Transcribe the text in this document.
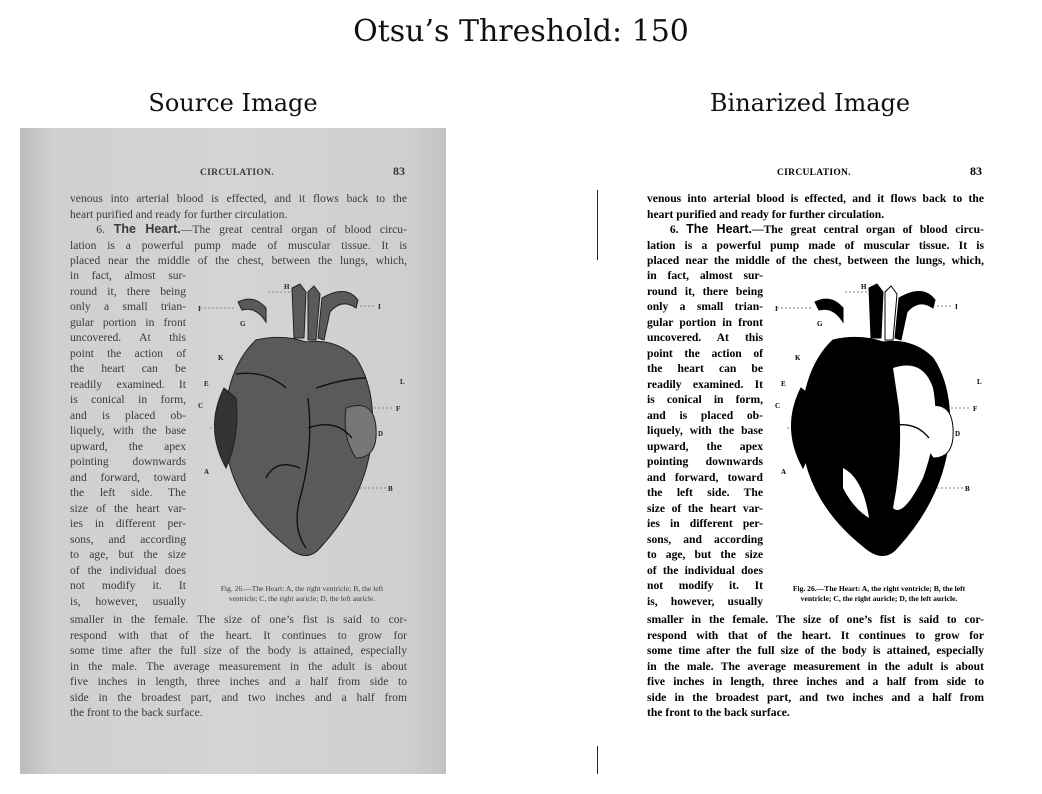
Otsu’s Threshold: 150
Source Image	Binarized Image
CIRCULATION.	83
venous into arterial blood is effected, and it flows back to the
heart purified and ready for further circulation.
6. The Heart.—The great central organ of blood circu-
lation is a powerful pump made of muscular tissue. It is
placed near the middle of the chest, between the lungs, which,
in fact, almost sur-
round it, there being
only a small trian-
gular portion in front
uncovered. At this
point the action of
the heart can be
readily examined. It
is conical in form,
and is placed ob-
liquely, with the base
upward, the apex
pointing downwards
and forward, toward
the left side. The
size of the heart var-
ies in different per-
sons, and according
to age, but the size
of the individual does
not modify it. It
is, however, usually
H
I	I
G
K
E
C
L
F
D
A
B
Fig. 26.—The Heart: A, the right ventricle; B, the left
ventricle; C, the right auricle; D, the left auricle.
smaller in the female. The size of one’s fist is said to cor-
respond with that of the heart. It continues to grow for
some time after the full size of the body is attained, especially
in the male. The average measurement in the adult is about
five inches in length, three inches and a half from side to
side in the broadest part, and two inches and a half from
the front to the back surface.
CIRCULATION.	83
venous into arterial blood is effected, and it flows back to the
heart purified and ready for further circulation.
6. The Heart.—The great central organ of blood circu-
lation is a powerful pump made of muscular tissue. It is
placed near the middle of the chest, between the lungs, which,
in fact, almost sur-
round it, there being
only a small trian-
gular portion in front
uncovered. At this
point the action of
the heart can be
readily examined. It
is conical in form,
and is placed ob-
liquely, with the base
upward, the apex
pointing downwards
and forward, toward
the left side. The
size of the heart var-
ies in different per-
sons, and according
to age, but the size
of the individual does
not modify it. It
is, however, usually
H
I	I
G
K
E
C
L
F
D
A
B
Fig. 26.—The Heart: A, the right ventricle; B, the left
ventricle; C, the right auricle; D, the left auricle.
smaller in the female. The size of one’s fist is said to cor-
respond with that of the heart. It continues to grow for
some time after the full size of the body is attained, especially
in the male. The average measurement in the adult is about
five inches in length, three inches and a half from side to
side in the broadest part, and two inches and a half from
the front to the back surface.
